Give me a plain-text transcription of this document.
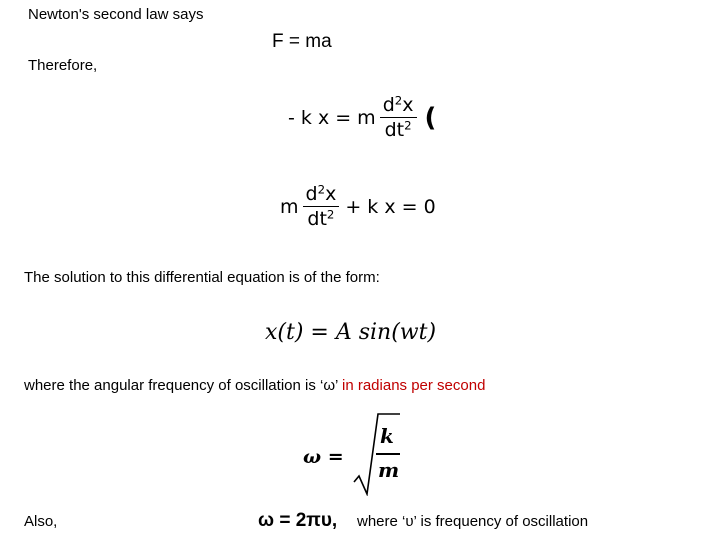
Newton's second law says
F = ma
Therefore,
- k x = m $\frac{d^2x}{dt^2}$ (
m $\frac{d^2x}{dt^2} + k$ x = 0
The solution to this differential equation is of the form:
x(t) = A sin(wt)
where the angular frequency of oscillation is ‘ω’ in radians per second
ω =
k
m
Also,	ω = 2πυ, where ‘υ’ is frequency of oscillation
